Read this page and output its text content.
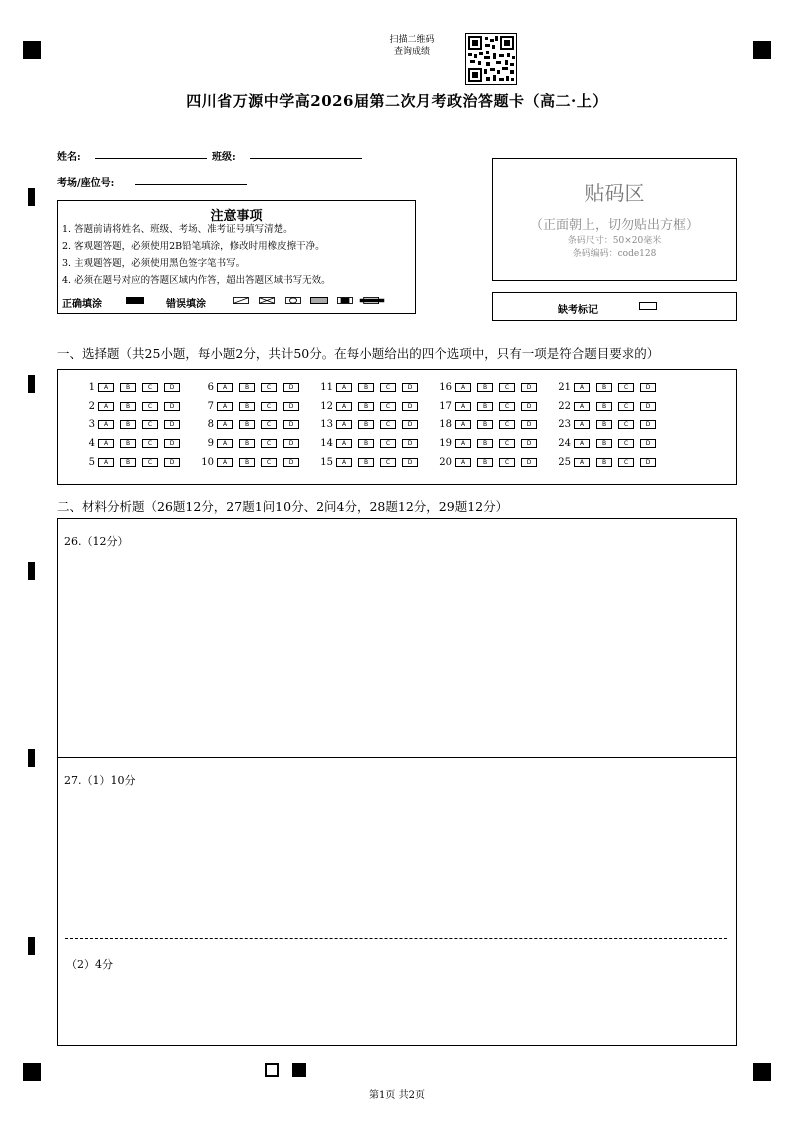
扫描二维码
查询成绩
四川省万源中学高2026届第二次月考政治答题卡（高二·上）
姓名:	班级:
考场/座位号:
注意事项
1. 答题前请将姓名、班级、考场、准考证号填写清楚。
2. 客观题答题，必须使用2B铅笔填涂，修改时用橡皮擦干净。
3. 主观题答题，必须使用黑色签字笔书写。
4. 必须在题号对应的答题区域内作答，超出答题区域书写无效。
正确填涂	错误填涂
贴码区
（正面朝上，切勿贴出方框）
条码尺寸：50×20毫米
条码编码：code128
缺考标记
一、选择题（共25小题，每小题2分，共计50分。在每小题给出的四个选项中，只有一项是符合题目要求的）
1	A	B	C	D
2	A	B	C	D
3	A	B	C	D
4	A	B	C	D
5	A	B	C	D
6	A	B	C	D
7	A	B	C	D
8	A	B	C	D
9	A	B	C	D
10	A	B	C	D
11	A	B	C	D
12	A	B	C	D
13	A	B	C	D
14	A	B	C	D
15	A	B	C	D
16	A	B	C	D
17	A	B	C	D
18	A	B	C	D
19	A	B	C	D
20	A	B	C	D
21	A	B	C	D
22	A	B	C	D
23	A	B	C	D
24	A	B	C	D
25	A	B	C	D
二、材料分析题（26题12分，27题1问10分、2问4分，28题12分，29题12分）
26.（12分）
27.（1）10分
（2）4分
第1页 共2页
